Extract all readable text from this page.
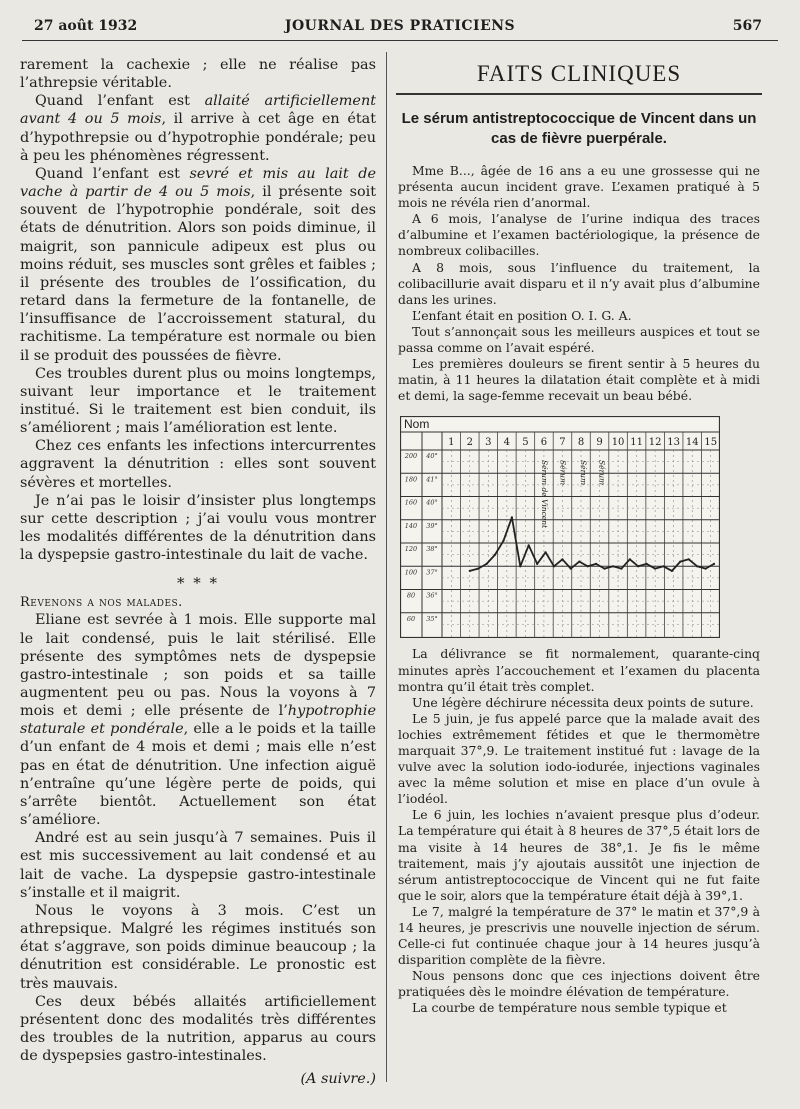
27 août 1932	JOURNAL DES PRATICIENS	567

rarement la cachexie ; elle ne réalise pas l’athrepsie véritable.

Quand l’enfant est allaité artificiellement avant 4 ou 5 mois, il arrive à cet âge en état d’hypothrepsie ou d’hypotrophie pondérale; peu à peu les phénomènes régressent.

Quand l’enfant est sevré et mis au lait de vache à partir de 4 ou 5 mois, il présente soit souvent de l’hypotrophie pondérale, soit des états de dénutrition. Alors son poids diminue, il maigrit, son pannicule adipeux est plus ou moins réduit, ses muscles sont grêles et faibles ; il présente des troubles de l’ossification, du retard dans la fermeture de la fontanelle, de l’insuffisance de l’accroissement statural, du rachitisme. La température est normale ou bien il se produit des poussées de fièvre.

Ces troubles durent plus ou moins longtemps, suivant leur importance et le traitement institué. Si le traitement est bien conduit, ils s’améliorent ; mais l’amélioration est lente.

Chez ces enfants les infections intercurrentes aggravent la dénutrition : elles sont souvent sévères et mortelles.

Je n’ai pas le loisir d’insister plus longtemps sur cette description ; j’ai voulu vous montrer les modalités différentes de la dénutrition dans la dyspepsie gastro-intestinale du lait de vache.

* * *

Revenons a nos malades.

Eliane est sevrée à 1 mois. Elle supporte mal le lait condensé, puis le lait stérilisé. Elle présente des symptômes nets de dyspepsie gastro-intestinale ; son poids et sa taille augmentent peu ou pas. Nous la voyons à 7 mois et demi ; elle présente de l’hypotrophie staturale et pondérale, elle a le poids et la taille d’un enfant de 4 mois et demi ; mais elle n’est pas en état de dénutrition. Une infection aiguë n’entraîne qu’une légère perte de poids, qui s’arrête bientôt. Actuellement son état s’améliore.

André est au sein jusqu’à 7 semaines. Puis il est mis successivement au lait condensé et au lait de vache. La dyspepsie gastro-intestinale s’installe et il maigrit.

Nous le voyons à 3 mois. C’est un athrepsique. Malgré les régimes institués son état s’aggrave, son poids diminue beaucoup ; la dénutrition est considérable. Le pronostic est très mauvais.

Ces deux bébés allaités artificiellement présentent donc des modalités très différentes des troubles de la nutrition, apparus au cours de dyspepsies gastro-intestinales.

(A suivre.)
FAITS CLINIQUES
Le sérum antistreptococcique de Vincent dans un cas de fièvre puerpérale.

Mme B..., âgée de 16 ans a eu une grossesse qui ne présenta aucun incident grave. L’examen pratiqué à 5 mois ne révéla rien d’anormal.

A 6 mois, l’analyse de l’urine indiqua des traces d’albumine et l’examen bactériologique, la présence de nombreux colibacilles.

A 8 mois, sous l’influence du traitement, la colibacillurie avait disparu et il n’y avait plus d’albumine dans les urines.

L’enfant était en position O. I. G. A.

Tout s’annonçait sous les meilleurs auspices et tout se passa comme on l’avait espéré.

Les premières douleurs se firent sentir à 5 heures du matin, à 11 heures la dilatation était complète et à midi et demi, la sage-femme recevait un beau bébé.

Nom
1 2 3 4 5 6 7 8 9 10 11 12 13 14 15
200 40°
180 41°
160 40°
140 39°
120 38°
100 37°
80 36°
60 35°
Sérum de Vincent Sérum Sérum Sérum

La délivrance se fit normalement, quarante-cinq minutes après l’accouchement et l’examen du placenta montra qu’il était très complet.

Une légère déchirure nécessita deux points de suture.

Le 5 juin, je fus appelé parce que la malade avait des lochies extrêmement fétides et que le thermomètre marquait 37°,9. Le traitement institué fut : lavage de la vulve avec la solution iodo-iodurée, injections vaginales avec la même solution et mise en place d’un ovule à l’iodéol.

Le 6 juin, les lochies n’avaient presque plus d’odeur. La température qui était à 8 heures de 37°,5 était lors de ma visite à 14 heures de 38°,1. Je fis le même traitement, mais j’y ajoutais aussitôt une injection de sérum antistreptococcique de Vincent qui ne fut faite que le soir, alors que la température était déjà à 39°,1.

Le 7, malgré la température de 37° le matin et 37°,9 à 14 heures, je prescrivis une nouvelle injection de sérum. Celle-ci fut continuée chaque jour à 14 heures jusqu’à disparition complète de la fièvre.

Nous pensons donc que ces injections doivent être pratiquées dès le moindre élévation de température.

La courbe de température nous semble typique et
